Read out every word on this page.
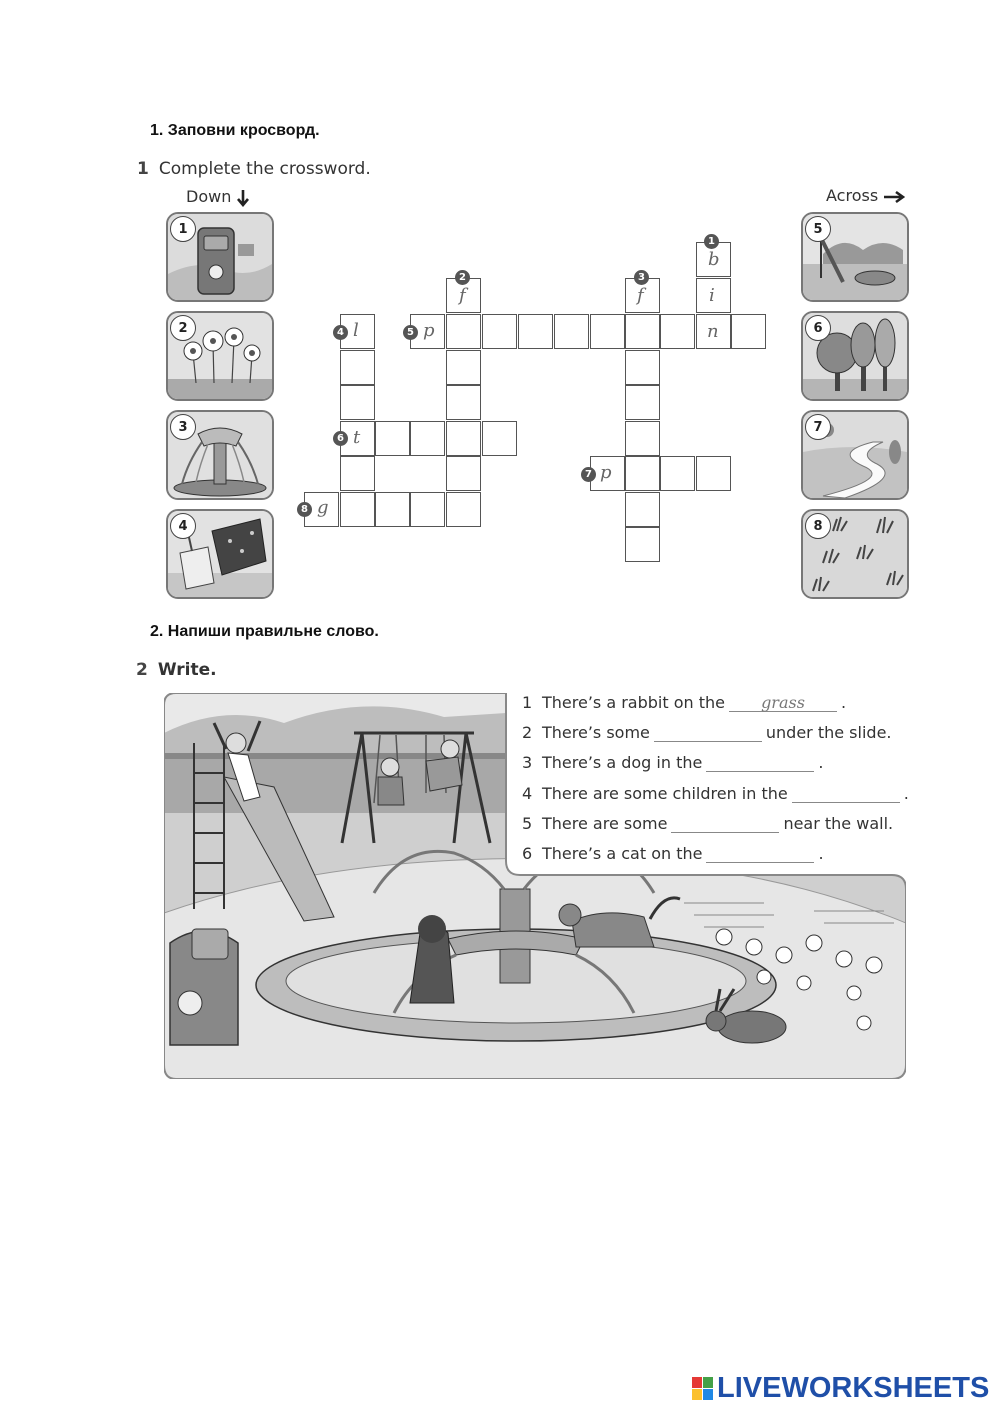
1. Заповни кросворд.
1 Complete the crossword.
Down	Across
1
2
3
4
5
6
7
8
b
i
n
f	f
l	p
t
p
g
1
2	3
4	5
6
7
8
2. Напиши правильне слово.
2 Write.
1 There’s a rabbit on thegrass	.
2 There’s some	under the slide.
3 There’s a dog in the	.
4 There are some children in the	.
5 There are some	near the wall.
6 There’s a cat on the	.
LIVEWORKSHEETS
